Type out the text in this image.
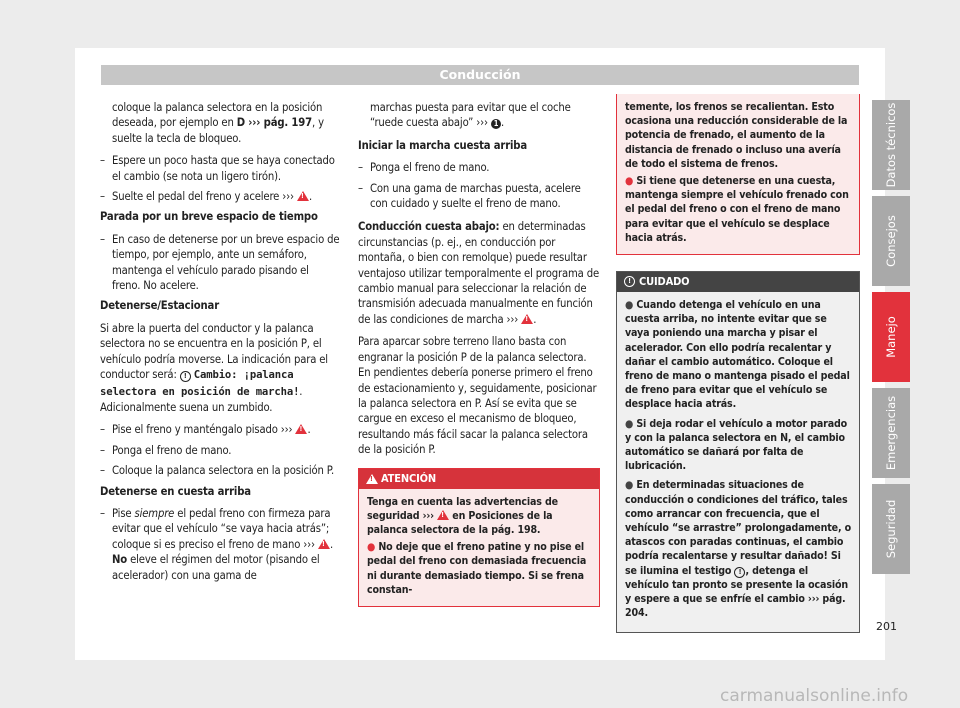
Conducción

coloque la palanca selectora en la posición deseada, por ejemplo en D ››› pág. 197, y suelte la tecla de bloqueo.

– Espere un poco hasta que se haya conectado el cambio (se nota un ligero tirón).
– Suelte el pedal del freno y acelere ››› ! .

Parada por un breve espacio de tiempo

– En caso de detenerse por un breve espacio de tiempo, por ejemplo, ante un semáforo, mantenga el vehículo parado pisando el freno. No acelere.

Detenerse/Estacionar

Si abre la puerta del conductor y la palanca selectora no se encuentra en la posición P, el vehículo podría moverse. La indicación para el conductor será: ! Cambio: ¡palanca selectora en posición de marcha!. Adicionalmente suena un zumbido.

– Pise el freno y manténgalo pisado ››› ! .
– Ponga el freno de mano.
– Coloque la palanca selectora en la posición P.

Detenerse en cuesta arriba

– Pise siempre el pedal freno con firmeza para evitar que el vehículo “se vaya hacia atrás”; coloque si es preciso el freno de mano ››› ! . No eleve el régimen del motor (pisando el acelerador) con una gama de

marchas puesta para evitar que el coche “ruede cuesta abajo” ››› 1 .

Iniciar la marcha cuesta arriba

– Ponga el freno de mano.
– Con una gama de marchas puesta, acelere con cuidado y suelte el freno de mano.

Conducción cuesta abajo: en determinadas circunstancias (p. ej., en conducción por montaña, o bien con remolque) puede resultar ventajoso utilizar temporalmente el programa de cambio manual para seleccionar la relación de transmisión adecuada manualmente en función de las condiciones de marcha ››› ! .

Para aparcar sobre terreno llano basta con engranar la posición P de la palanca selectora. En pendientes debería ponerse primero el freno de estacionamiento y, seguidamente, posicionar la palanca selectora en P. Así se evita que se cargue en exceso el mecanismo de bloqueo, resultando más fácil sacar la palanca selectora de la posición P.

!
ATENCIÓN

Tenga en cuenta las advertencias de seguridad ››› ! en Posiciones de la palanca selectora de la pág. 198.

● No deje que el freno patine y no pise el pedal del freno con demasiada frecuencia ni durante demasiado tiempo. Si se frena constan-

temente, los frenos se recalientan. Esto ocasiona una reducción considerable de la potencia de frenado, el aumento de la distancia de frenado o incluso una avería de todo el sistema de frenos.

● Si tiene que detenerse en una cuesta, mantenga siempre el vehículo frenado con el pedal del freno o con el freno de mano para evitar que el vehículo se desplace hacia atrás.

! CUIDADO

● Cuando detenga el vehículo en una cuesta arriba, no intente evitar que se vaya poniendo una marcha y pisar el acelerador. Con ello podría recalentar y dañar el cambio automático. Coloque el freno de mano o mantenga pisado el pedal de freno para evitar que el vehículo se desplace hacia atrás.

● Si deja rodar el vehículo a motor parado y con la palanca selectora en N, el cambio automático se dañará por falta de lubricación.

● En determinadas situaciones de conducción o condiciones del tráfico, tales como arrancar con frecuencia, que el vehículo “se arrastre” prolongadamente, o atascos con paradas continuas, el cambio podría recalentarse y resultar dañado! Si se ilumina el testigo ! , detenga el vehículo tan pronto se presente la ocasión y espere a que se enfríe el cambio ››› pág. 204.

Datos técnicos
Consejos
Manejo
Emergencias
Seguridad
201
carmanualsonline.info
